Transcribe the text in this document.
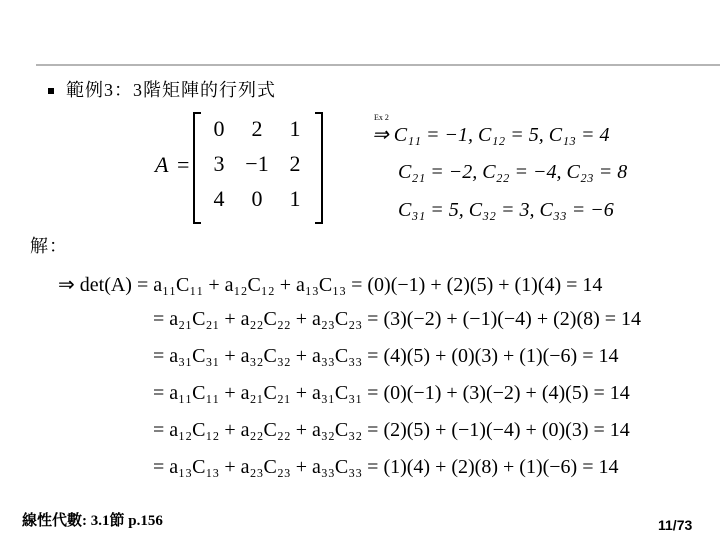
範例3：3階矩陣的行列式
A =
0	2	1
3 −1 2
4	0	1
Ex 2
⇒ C₁₁ = −1, C₁₂ = 5, C₁₃ = 4
C₂₁ = −2, C₂₂ = −4, C₂₃ = 8
C₃₁ = 5, C₃₂ = 3, C₃₃ = −6
解：
⇒ det(A) = a₁₁C₁₁ + a₁₂C₁₂ + a₁₃C₁₃ = (0)(−1) + (2)(5) + (1)(4) = 14
= a₂₁C₂₁ + a₂₂C₂₂ + a₂₃C₂₃ = (3)(−2) + (−1)(−4) + (2)(8) = 14
= a₃₁C₃₁ + a₃₂C₃₂ + a₃₃C₃₃ = (4)(5) + (0)(3) + (1)(−6) = 14
= a₁₁C₁₁ + a₂₁C₂₁ + a₃₁C₃₁ = (0)(−1) + (3)(−2) + (4)(5) = 14
= a₁₂C₁₂ + a₂₂C₂₂ + a₃₂C₃₂ = (2)(5) + (−1)(−4) + (0)(3) = 14
= a₁₃C₁₃ + a₂₃C₂₃ + a₃₃C₃₃ = (1)(4) + (2)(8) + (1)(−6) = 14
線性代數: 3.1節 p.156	11/73
